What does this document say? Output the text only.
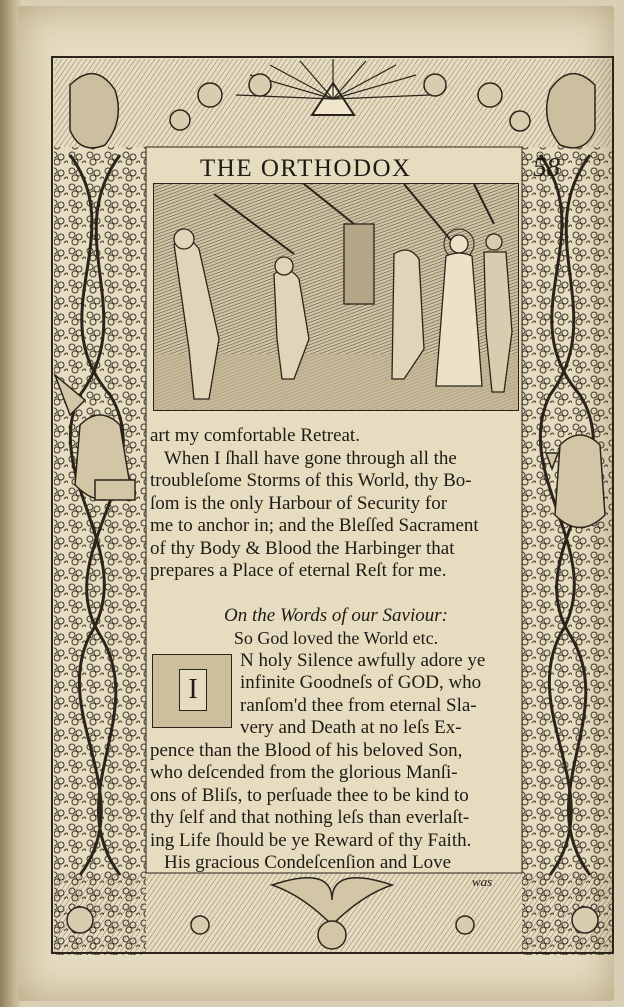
THE ORTHODOX	58
art my comfortable Retreat.
When I ſhall have gone through all the
troubleſome Storms of this World, thy Bo-
ſom is the only Harbour of Security for
me to anchor in; and the Bleſſed Sacrament
of thy Body & Blood the Harbinger that
prepares a Place of eternal Reſt for me.
On the Words of our Saviour:
So God loved the World etc.
I
N holy Silence awfully adore ye
infinite Goodneſs of GOD, who
ranſom'd thee from eternal Sla-
very and Death at no leſs Ex-
pence than the Blood of his beloved Son,
who deſcended from the glorious Manſi-
ons of Bliſs, to perſuade thee to be kind to
thy ſelf and that nothing leſs than everlaſt-
ing Life ſhould be ye Reward of thy Faith.
His gracious Condeſcenſion and Love
was
